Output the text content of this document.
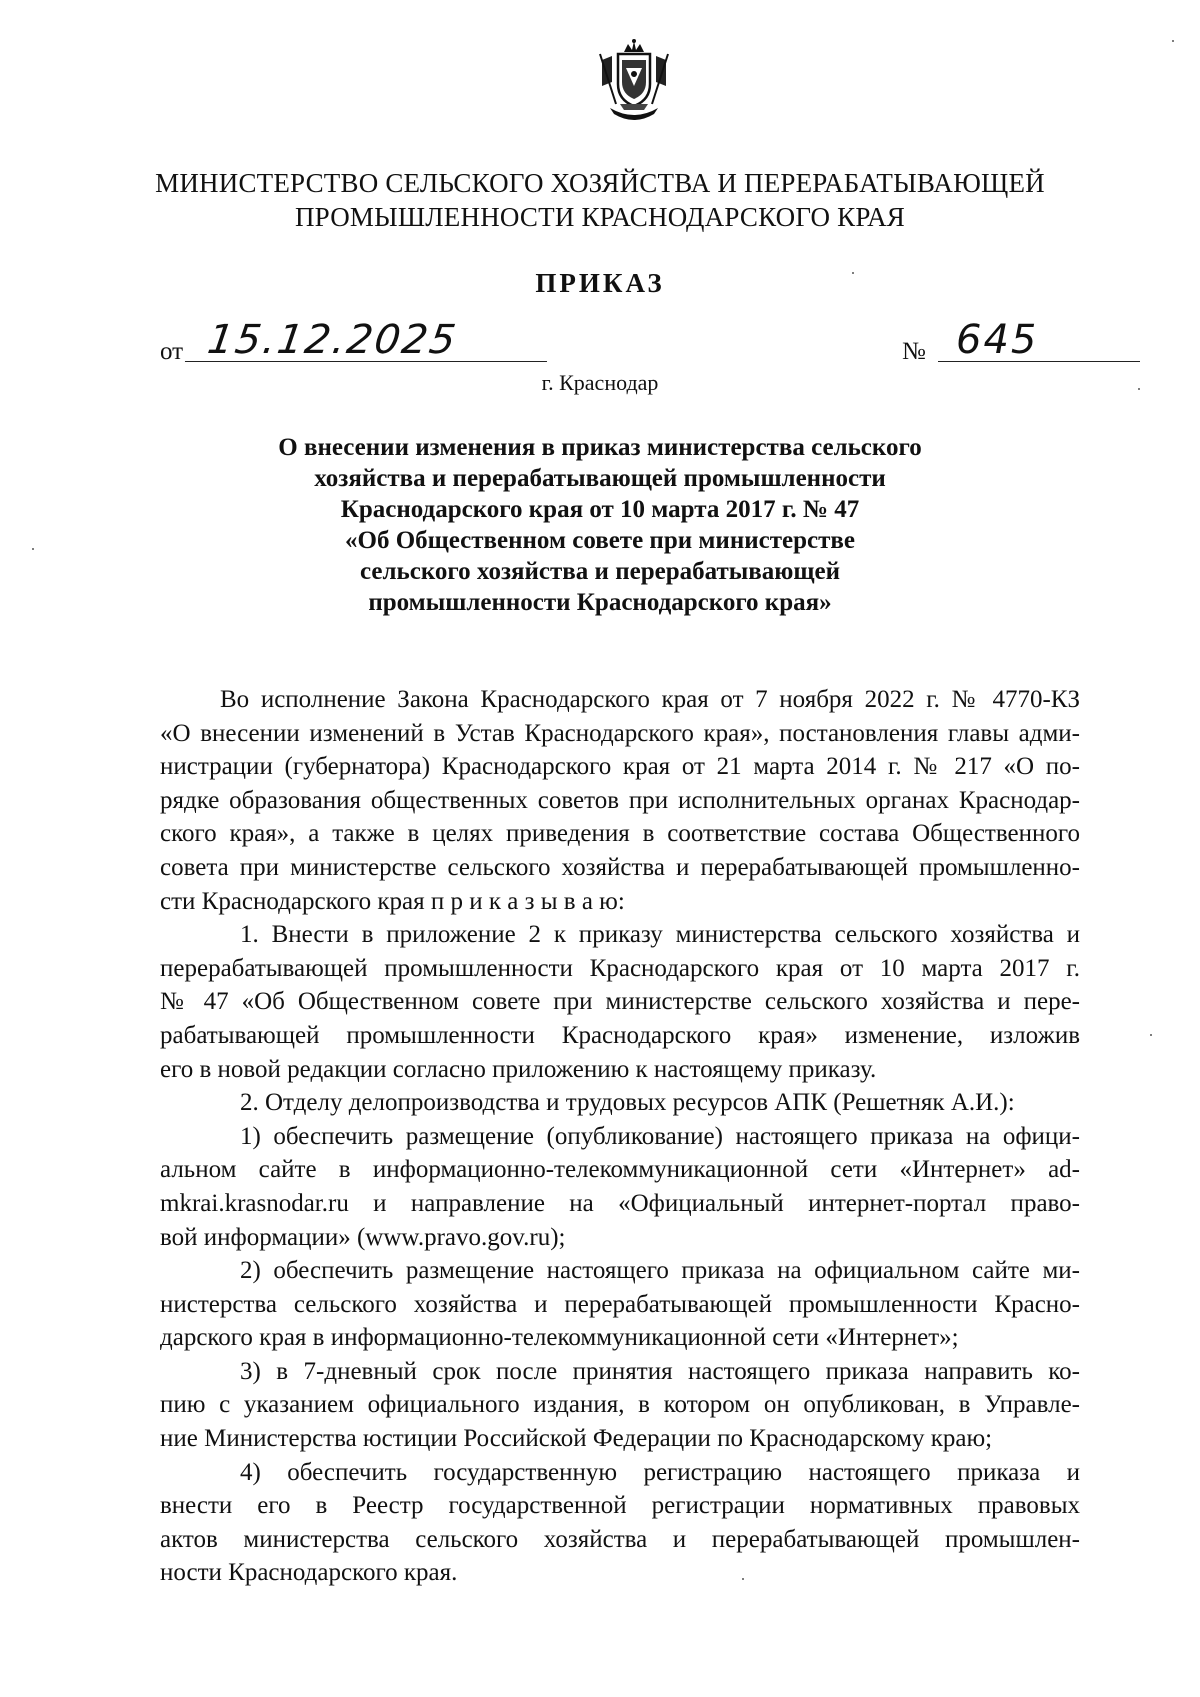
МИНИСТЕРСТВО СЕЛЬСКОГО ХОЗЯЙСТВА И ПЕРЕРАБАТЫВАЮЩЕЙ
ПРОМЫШЛЕННОСТИ КРАСНОДАРСКОГО КРАЯ
ПРИКАЗ
от 15.12.2025	№ 645
г. Краснодар
О внесении изменения в приказ министерства сельского
хозяйства и перерабатывающей промышленности
Краснодарского края от 10 марта 2017 г. № 47
«Об Общественном совете при министерстве
сельского хозяйства и перерабатывающей
промышленности Краснодарского края»
Во исполнение Закона Краснодарского края от 7 ноября 2022 г. № 4770-КЗ
«О внесении изменений в Устав Краснодарского края», постановления главы адми-
нистрации (губернатора) Краснодарского края от 21 марта 2014 г. № 217 «О по-
рядке образования общественных советов при исполнительных органах Краснодар-
ского края», а также в целях приведения в соответствие состава Общественного
совета при министерстве сельского хозяйства и перерабатывающей промышленно-
сти Краснодарского края п р и к а з ы в а ю:
1. Внести в приложение 2 к приказу министерства сельского хозяйства и
перерабатывающей промышленности Краснодарского края от 10 марта 2017 г.
№ 47 «Об Общественном совете при министерстве сельского хозяйства и пере-
рабатывающей промышленности Краснодарского края» изменение, изложив
его в новой редакции согласно приложению к настоящему приказу.
2. Отделу делопроизводства и трудовых ресурсов АПК (Решетняк А.И.):
1) обеспечить размещение (опубликование) настоящего приказа на офици-
альном сайте в информационно-телекоммуникационной сети «Интернет» ad-
mkrai.krasnodar.ru и направление на «Официальный интернет-портал право-
вой информации» (www.pravo.gov.ru);
2) обеспечить размещение настоящего приказа на официальном сайте ми-
нистерства сельского хозяйства и перерабатывающей промышленности Красно-
дарского края в информационно-телекоммуникационной сети «Интернет»;
3) в 7-дневный срок после принятия настоящего приказа направить ко-
пию с указанием официального издания, в котором он опубликован, в Управле-
ние Министерства юстиции Российской Федерации по Краснодарскому краю;
4) обеспечить государственную регистрацию настоящего приказа и
внести его в Реестр государственной регистрации нормативных правовых
актов министерства сельского хозяйства и перерабатывающей промышлен-
ности Краснодарского края.
